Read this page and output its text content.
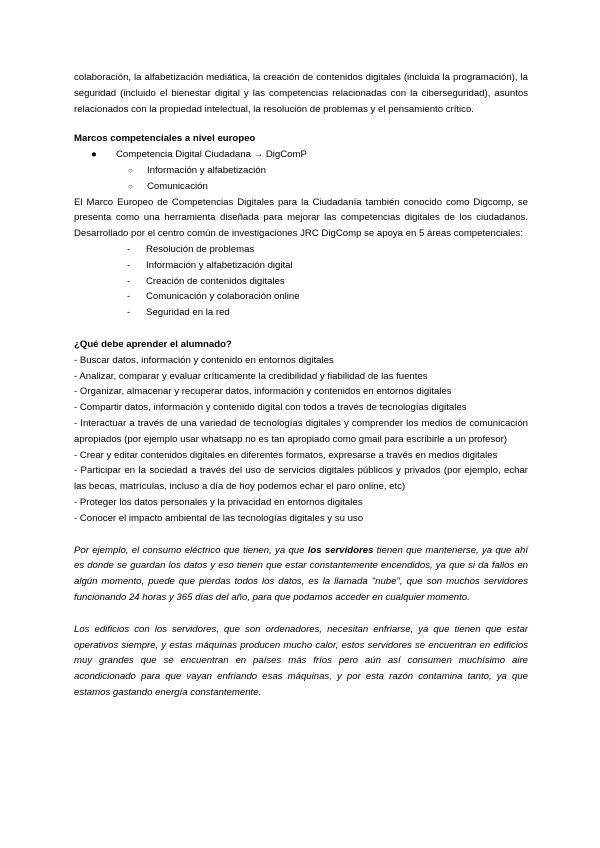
colaboración, la alfabetización mediática, la creación de contenidos digitales (incluida la programación), la seguridad (incluido el bienestar digital y las competencias relacionadas con la ciberseguridad), asuntos relacionados con la propiedad intelectual, la resolución de problemas y el pensamiento crítico.

Marcos competenciales a nivel europeo

● Competencia Digital Ciudadana → DigComP
○ Información y alfabetización
○ Comunicación

El Marco Europeo de Competencias Digitales para la Ciudadanía también conocido como Digcomp, se presenta como una herramienta diseñada para mejorar las competencias digitales de los ciudadanos. Desarrollado por el centro común de investigaciones JRC DigComp se apoya en 5 áreas competenciales:

- Resolución de problemas
- Información y alfabetización digital
- Creación de contenidos digitales
- Comunicación y colaboración online
- Seguridad en la red

¿Qué debe aprender el alumnado?

- Buscar datos, información y contenido en entornos digitales

- Analizar, comparar y evaluar críticamente la credibilidad y fiabilidad de las fuentes

- Organizar, almacenar y recuperar datos, información y contenidos en entornos digitales

- Compartir datos, información y contenido digital con todos a través de tecnologías digitales

- Interactuar a través de una variedad de tecnologías digitales y comprender los medios de comunicación apropiados (por ejemplo usar whatsapp no es tan apropiado como gmail para escribirle a un profesor)

- Crear y editar contenidos digitales en diferentes formatos, expresarse a través en medios digitales

- Participar en la sociedad a través del uso de servicios digitales públicos y privados (por ejemplo, echar las becas, matrículas, incluso a día de hoy podemos echar el paro online, etc)

- Proteger los datos personales y la privacidad en entornos digitales

- Conocer el impacto ambiental de las tecnologías digitales y su uso

Por ejemplo, el consumo eléctrico que tienen, ya que los servidores tienen que mantenerse, ya que ahí es donde se guardan los datos y eso tienen que estar constantemente encendidos, ya que si da fallos en algún momento, puede que pierdas todos los datos, es la llamada "nube", que son muchos servidores funcionando 24 horas y 365 días del año, para que podamos acceder en cualquier momento.

Los edificios con los servidores, que son ordenadores, necesitan enfriarse, ya que tienen que estar operativos siempre, y estas máquinas producen mucho calor, estos servidores se encuentran en edificios muy grandes que se encuentran en países más fríos pero aún así consumen muchísimo aire acondicionado para que vayan enfriando esas máquinas, y por esta razón contamina tanto, ya que estamos gastando energía constantemente.
